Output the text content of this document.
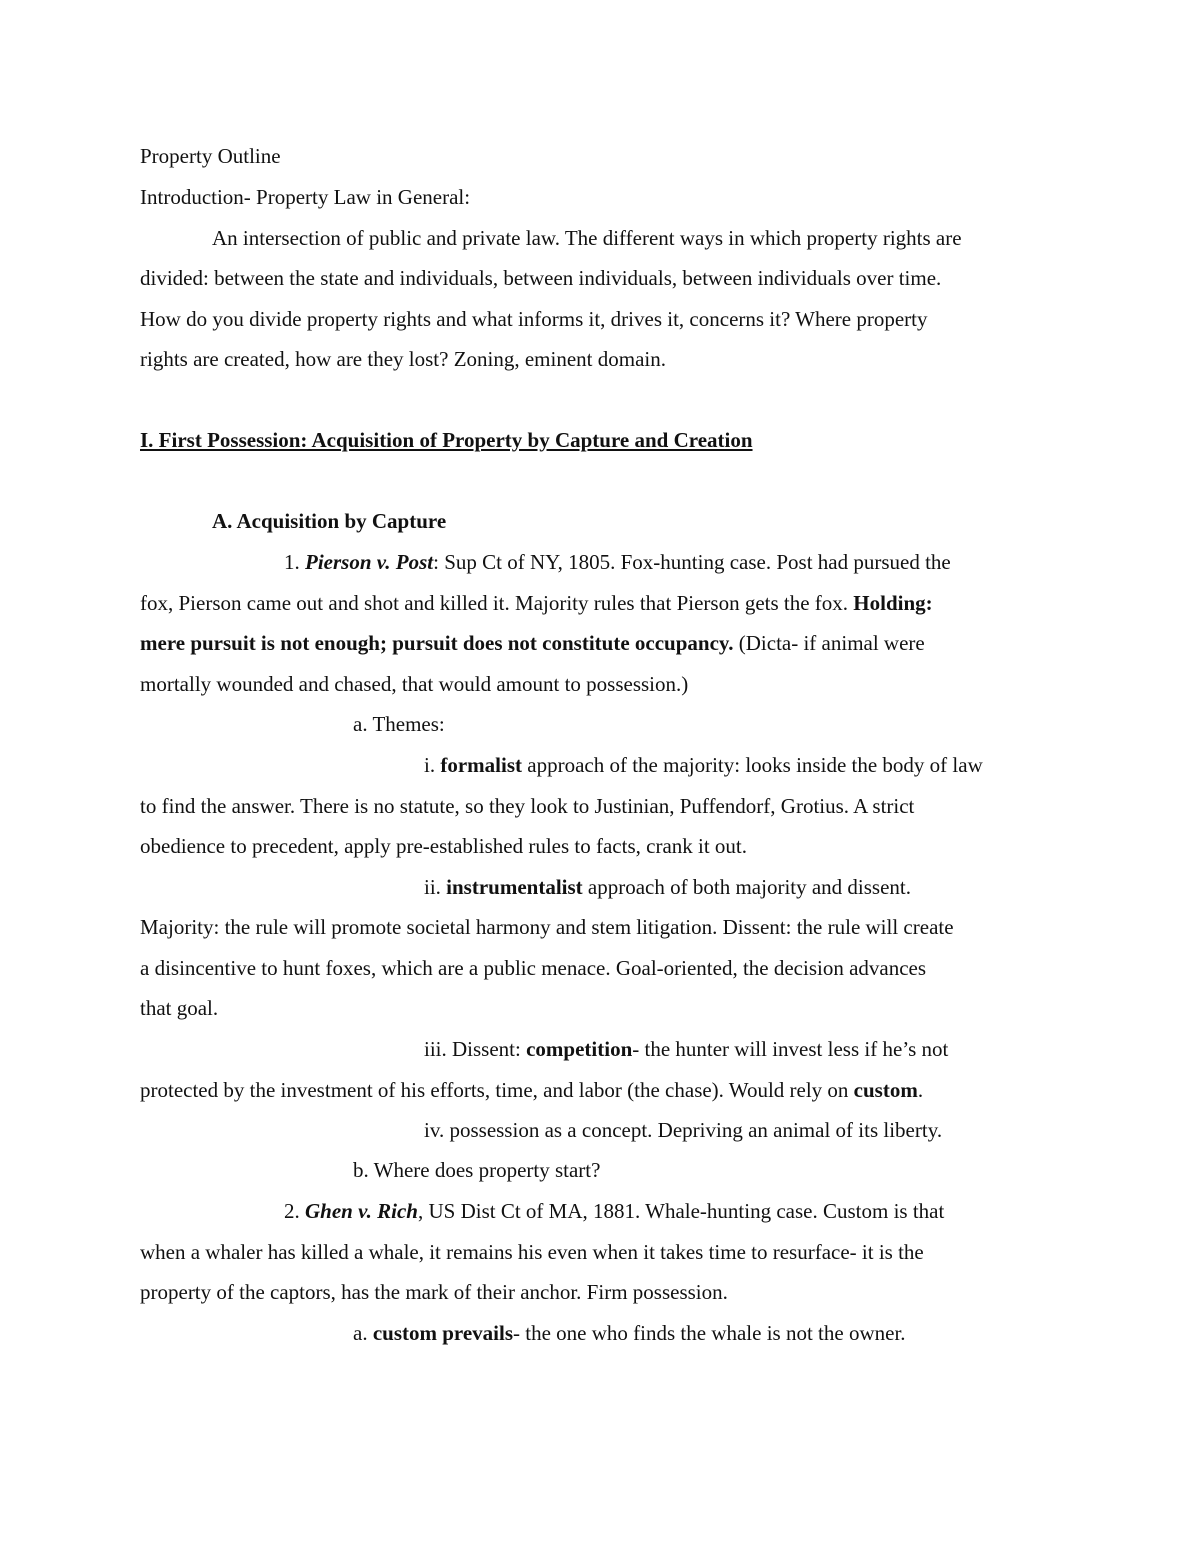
Property Outline
Introduction- Property Law in General:
An intersection of public and private law. The different ways in which property rights are
divided: between the state and individuals, between individuals, between individuals over time.
How do you divide property rights and what informs it, drives it, concerns it? Where property
rights are created, how are they lost? Zoning, eminent domain.
I. First Possession: Acquisition of Property by Capture and Creation
A. Acquisition by Capture
1. Pierson v. Post: Sup Ct of NY, 1805. Fox-hunting case. Post had pursued the
fox, Pierson came out and shot and killed it. Majority rules that Pierson gets the fox. Holding:
mere pursuit is not enough; pursuit does not constitute occupancy. (Dicta- if animal were
mortally wounded and chased, that would amount to possession.)
a. Themes:
i. formalist approach of the majority: looks inside the body of law
to find the answer. There is no statute, so they look to Justinian, Puffendorf, Grotius. A strict
obedience to precedent, apply pre-established rules to facts, crank it out.
ii. instrumentalist approach of both majority and dissent.
Majority: the rule will promote societal harmony and stem litigation. Dissent: the rule will create
a disincentive to hunt foxes, which are a public menace. Goal-oriented, the decision advances
that goal.
iii. Dissent: competition- the hunter will invest less if he’s not
protected by the investment of his efforts, time, and labor (the chase). Would rely on custom.
iv. possession as a concept. Depriving an animal of its liberty.
b. Where does property start?
2. Ghen v. Rich, US Dist Ct of MA, 1881. Whale-hunting case. Custom is that
when a whaler has killed a whale, it remains his even when it takes time to resurface- it is the
property of the captors, has the mark of their anchor. Firm possession.
a. custom prevails- the one who finds the whale is not the owner.
